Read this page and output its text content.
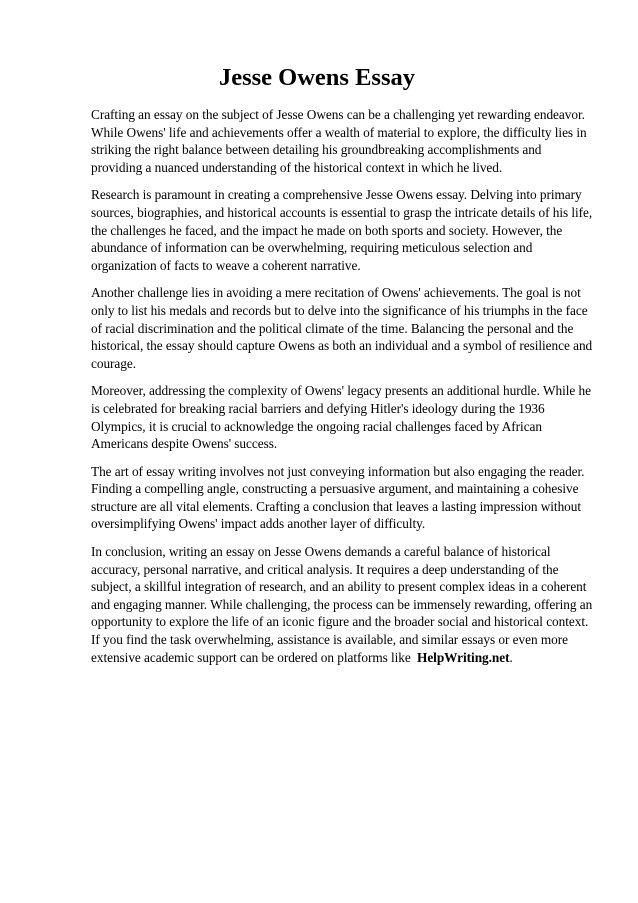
Jesse Owens Essay

Crafting an essay on the subject of Jesse Owens can be a challenging yet rewarding endeavor. While Owens' life and achievements offer a wealth of material to explore, the difficulty lies in striking the right balance between detailing his groundbreaking accomplishments and providing a nuanced understanding of the historical context in which he lived.

Research is paramount in creating a comprehensive Jesse Owens essay. Delving into primary sources, biographies, and historical accounts is essential to grasp the intricate details of his life, the challenges he faced, and the impact he made on both sports and society. However, the abundance of information can be overwhelming, requiring meticulous selection and organization of facts to weave a coherent narrative.

Another challenge lies in avoiding a mere recitation of Owens' achievements. The goal is not only to list his medals and records but to delve into the significance of his triumphs in the face of racial discrimination and the political climate of the time. Balancing the personal and the historical, the essay should capture Owens as both an individual and a symbol of resilience and courage.

Moreover, addressing the complexity of Owens' legacy presents an additional hurdle. While he is celebrated for breaking racial barriers and defying Hitler's ideology during the 1936 Olympics, it is crucial to acknowledge the ongoing racial challenges faced by African Americans despite Owens' success.

The art of essay writing involves not just conveying information but also engaging the reader. Finding a compelling angle, constructing a persuasive argument, and maintaining a cohesive structure are all vital elements. Crafting a conclusion that leaves a lasting impression without oversimplifying Owens' impact adds another layer of difficulty.

In conclusion, writing an essay on Jesse Owens demands a careful balance of historical accuracy, personal narrative, and critical analysis. It requires a deep understanding of the subject, a skillful integration of research, and an ability to present complex ideas in a coherent and engaging manner. While challenging, the process can be immensely rewarding, offering an opportunity to explore the life of an iconic figure and the broader social and historical context. If you find the task overwhelming, assistance is available, and similar essays or even more extensive academic support can be ordered on platforms like HelpWriting.net.
